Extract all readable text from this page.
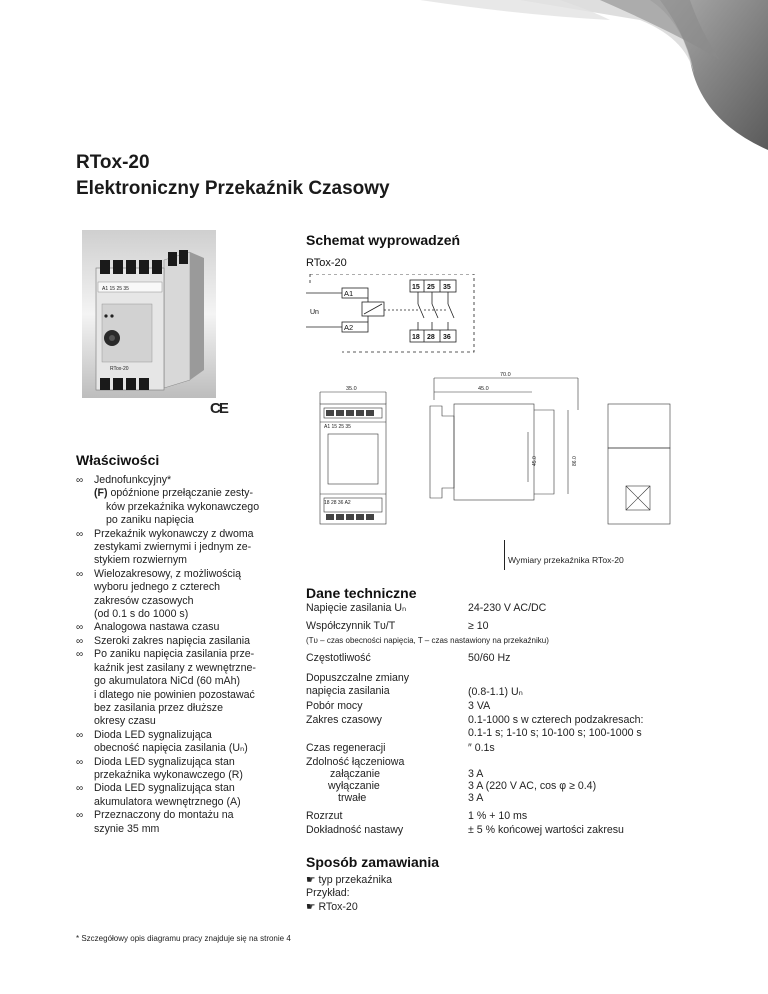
RTox-20
Elektroniczny Przekaźnik Czasowy
A1 15 25 35
RTox-20
CE
Właściwości
∞ Jednofunkcyjny*
(F) opóźnione przełączanie zesty-
ków przekaźnika wykonawczego
po zaniku napięcia
∞ Przekaźnik wykonawczy z dwoma
zestykami zwiernymi i jednym ze-
stykiem rozwiernym
∞ Wielozakresowy, z możliwością
wyboru jednego z czterech
zakresów czasowych
(od 0.1 s do 1000 s)
∞ Analogowa nastawa czasu
∞ Szeroki zakres napięcia zasilania
∞ Po zaniku napięcia zasilania prze-
kaźnik jest zasilany z wewnętrzne-
go akumulatora NiCd (60 mAh)
i dlatego nie powinien pozostawać
bez zasilania przez dłuższe
okresy czasu
∞ Dioda LED sygnalizująca
obecność napięcia zasilania (Uₙ)
∞ Dioda LED sygnalizująca stan
przekaźnika wykonawczego (R)
∞ Dioda LED sygnalizująca stan
akumulatora wewnętrznego (A)
∞ Przeznaczony do montażu na
szynie 35 mm
Schemat wyprowadzeń
RTox-20
A1
A2
Un
15 25 35
18 28 36
70.0
35.0	45.0
A1 15 25 35
18 28 36 A2
45.0	86.0
Wymiary przekaźnika RTox-20
Dane techniczne
Napięcie zasilania Uₙ	24-230 V AC/DC
Współczynnik Tᴜ/T	≥ 10
(Tᴜ – czas obecności napięcia, T – czas nastawiony na przekaźniku)
Częstotliwość	50/60 Hz
Dopuszczalne zmiany
napięcia zasilania	(0.8-1.1) Uₙ
Pobór mocy	3 VA
Zakres czasowy	0.1-1000 s w czterech podzakresach:
0.1-1 s; 1-10 s; 10-100 s; 100-1000 s
Czas regeneracji	″ 0.1s
Zdolność łączeniowa
załączanie	3 A
wyłączanie	3 A (220 V AC, cos φ ≥ 0.4)
trwałe	3 A
Rozrzut	1 % + 10 ms
Dokładność nastawy	± 5 % końcowej wartości zakresu
Sposób zamawiania
☛ typ przekaźnika
Przykład:
☛ RTox-20
* Szczegółowy opis diagramu pracy znajduje się na stronie 4
